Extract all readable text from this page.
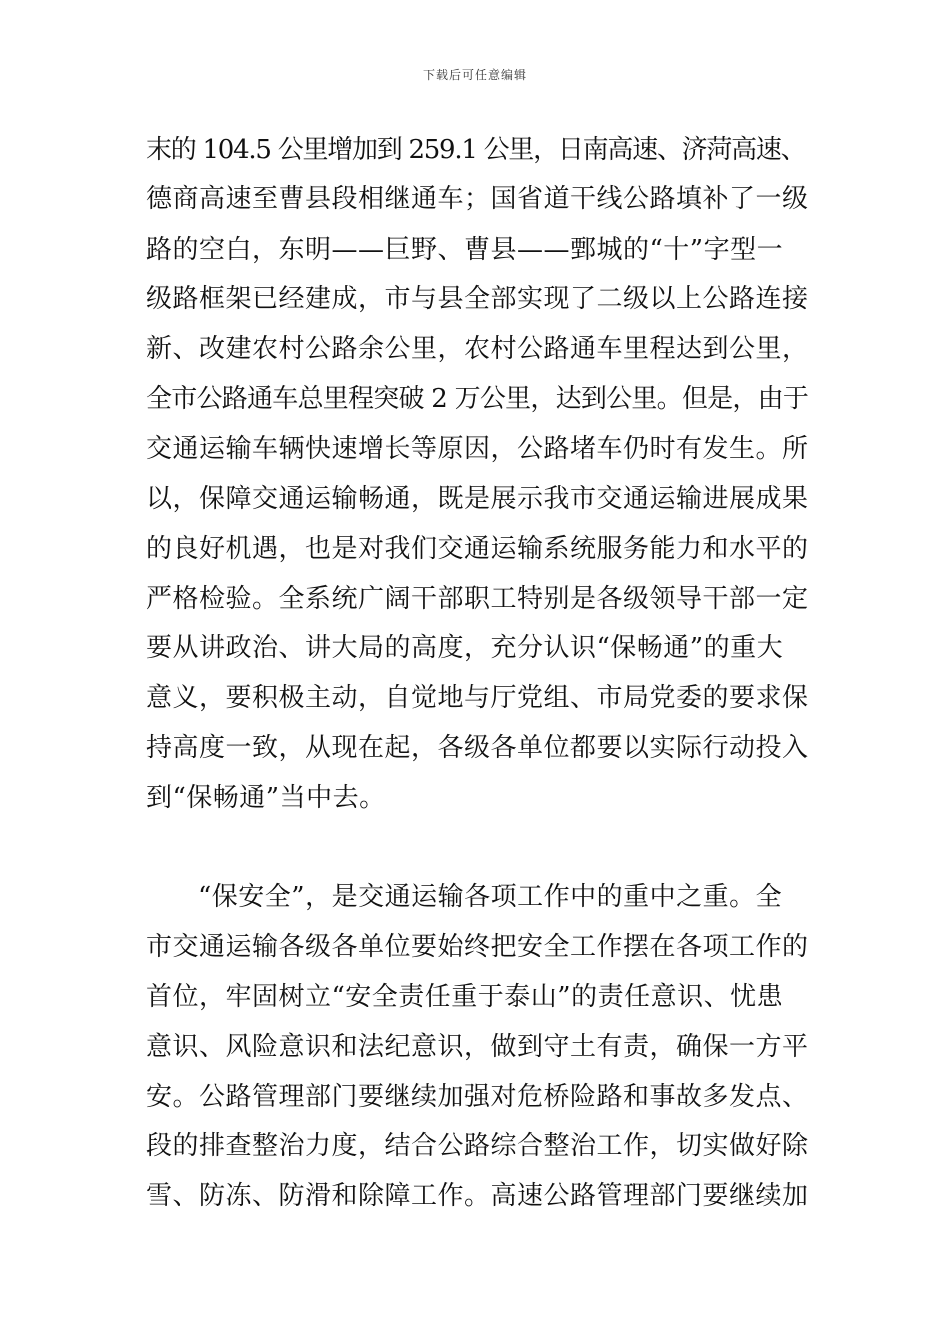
下载后可任意编辑
末的 104.5 公里增加到 259.1 公里，日南高速、济菏高速、
德商高速至曹县段相继通车；国省道干线公路填补了一级
路的空白，东明——巨野、曹县——鄄城的“十”字型一
级路框架已经建成，市与县全部实现了二级以上公路连接
新、改建农村公路余公里，农村公路通车里程达到公里，
全市公路通车总里程突破 2 万公里，达到公里。但是，由于
交通运输车辆快速增长等原因，公路堵车仍时有发生。所
以，保障交通运输畅通，既是展示我市交通运输进展成果
的良好机遇，也是对我们交通运输系统服务能力和水平的
严格检验。全系统广阔干部职工特别是各级领导干部一定
要从讲政治、讲大局的高度，充分认识“保畅通”的重大
意义，要积极主动，自觉地与厅党组、市局党委的要求保
持高度一致，从现在起，各级各单位都要以实际行动投入
到“保畅通”当中去。
“保安全”，是交通运输各项工作中的重中之重。全
市交通运输各级各单位要始终把安全工作摆在各项工作的
首位，牢固树立“安全责任重于泰山”的责任意识、忧患
意识、风险意识和法纪意识，做到守土有责，确保一方平
安。公路管理部门要继续加强对危桥险路和事故多发点、
段的排查整治力度，结合公路综合整治工作，切实做好除
雪、防冻、防滑和除障工作。高速公路管理部门要继续加
